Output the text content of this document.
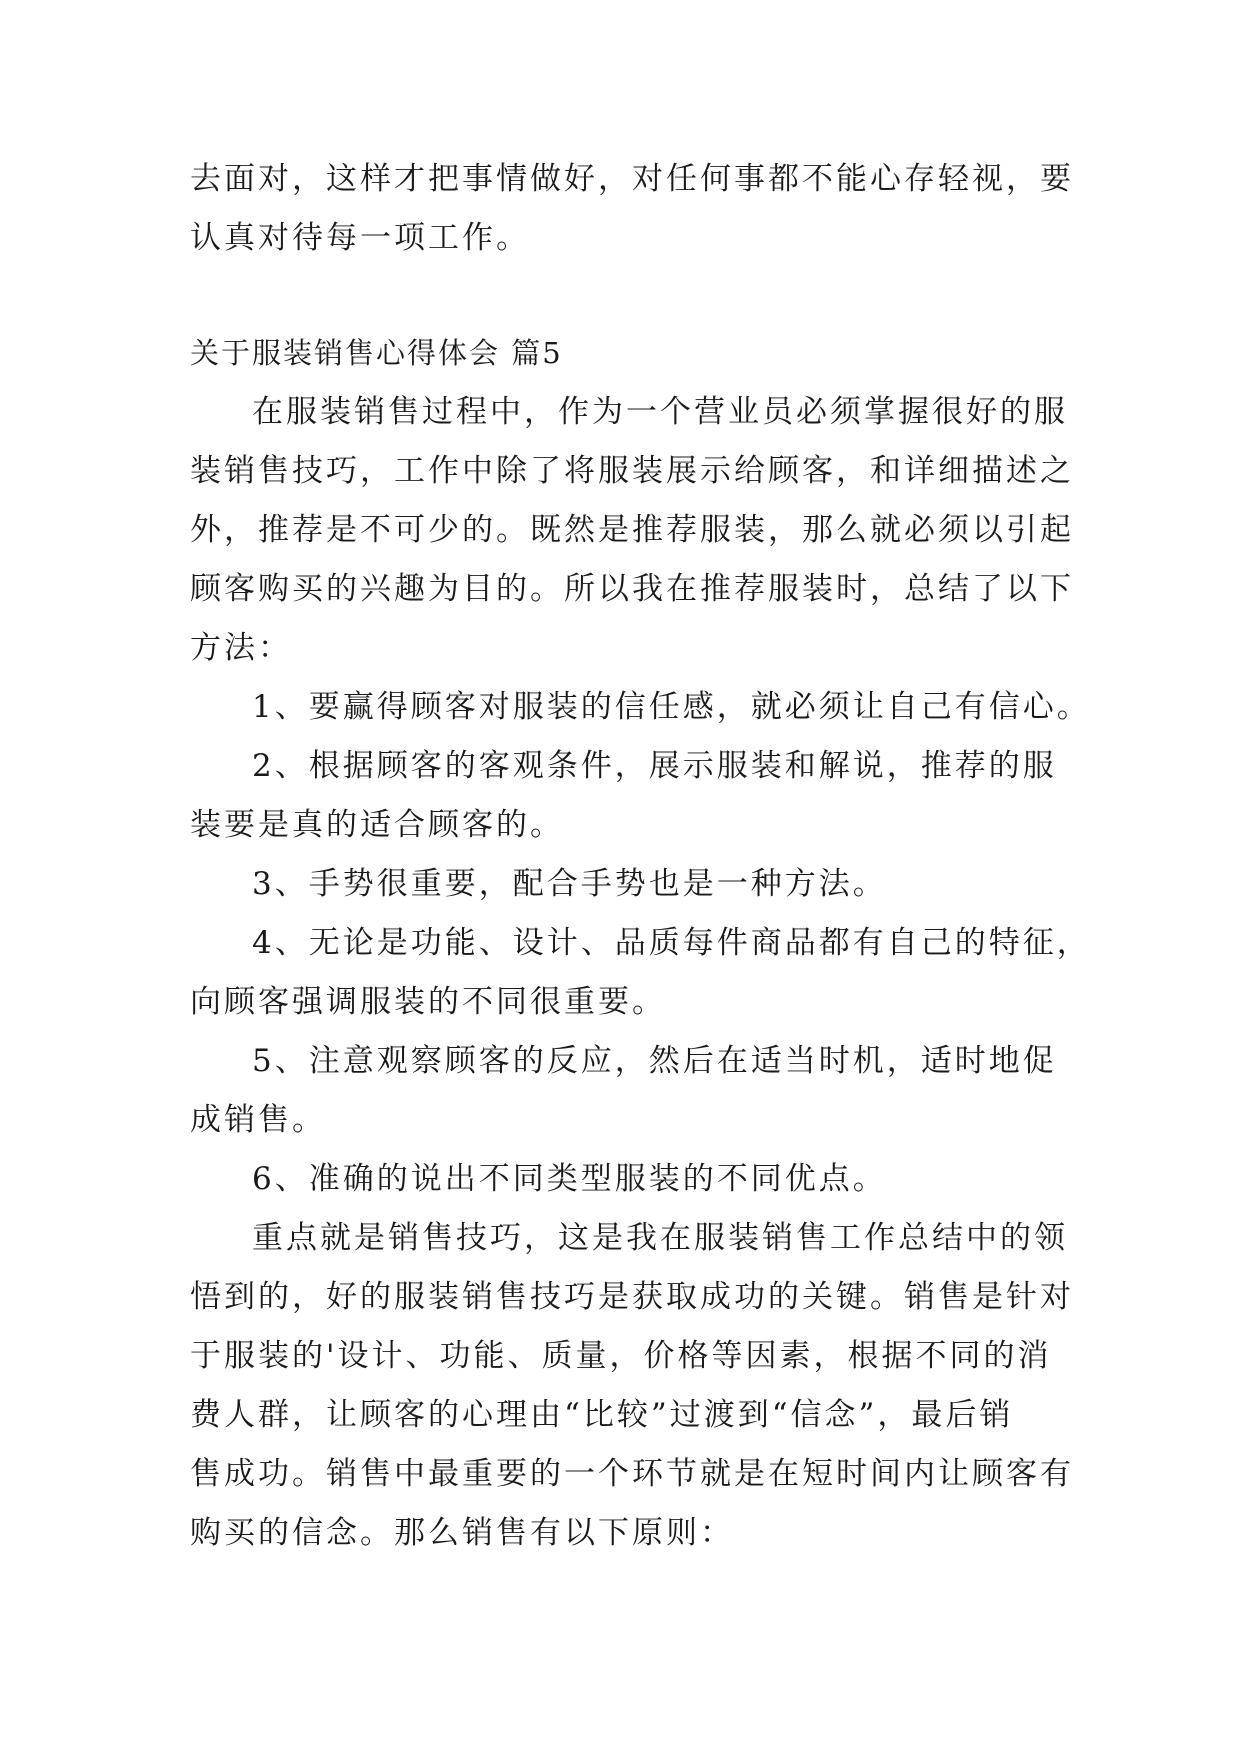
去面对，这样才把事情做好，对任何事都不能心存轻视，要
认真对待每一项工作。
关于服装销售心得体会 篇5
在服装销售过程中，作为一个营业员必须掌握很好的服
装销售技巧，工作中除了将服装展示给顾客，和详细描述之
外，推荐是不可少的。既然是推荐服装，那么就必须以引起
顾客购买的兴趣为目的。所以我在推荐服装时，总结了以下
方法：
1、要赢得顾客对服装的信任感，就必须让自己有信心。
2、根据顾客的客观条件，展示服装和解说，推荐的服
装要是真的适合顾客的。
3、手势很重要，配合手势也是一种方法。
4、无论是功能、设计、品质每件商品都有自己的特征，
向顾客强调服装的不同很重要。
5、注意观察顾客的反应，然后在适当时机，适时地促
成销售。
6、准确的说出不同类型服装的不同优点。
重点就是销售技巧，这是我在服装销售工作总结中的领
悟到的，好的服装销售技巧是获取成功的关键。销售是针对
于服装的'设计、功能、质量，价格等因素，根据不同的消
费人群，让顾客的心理由“比较”过渡到“信念”，最后销
售成功。销售中最重要的一个环节就是在短时间内让顾客有
购买的信念。那么销售有以下原则：
